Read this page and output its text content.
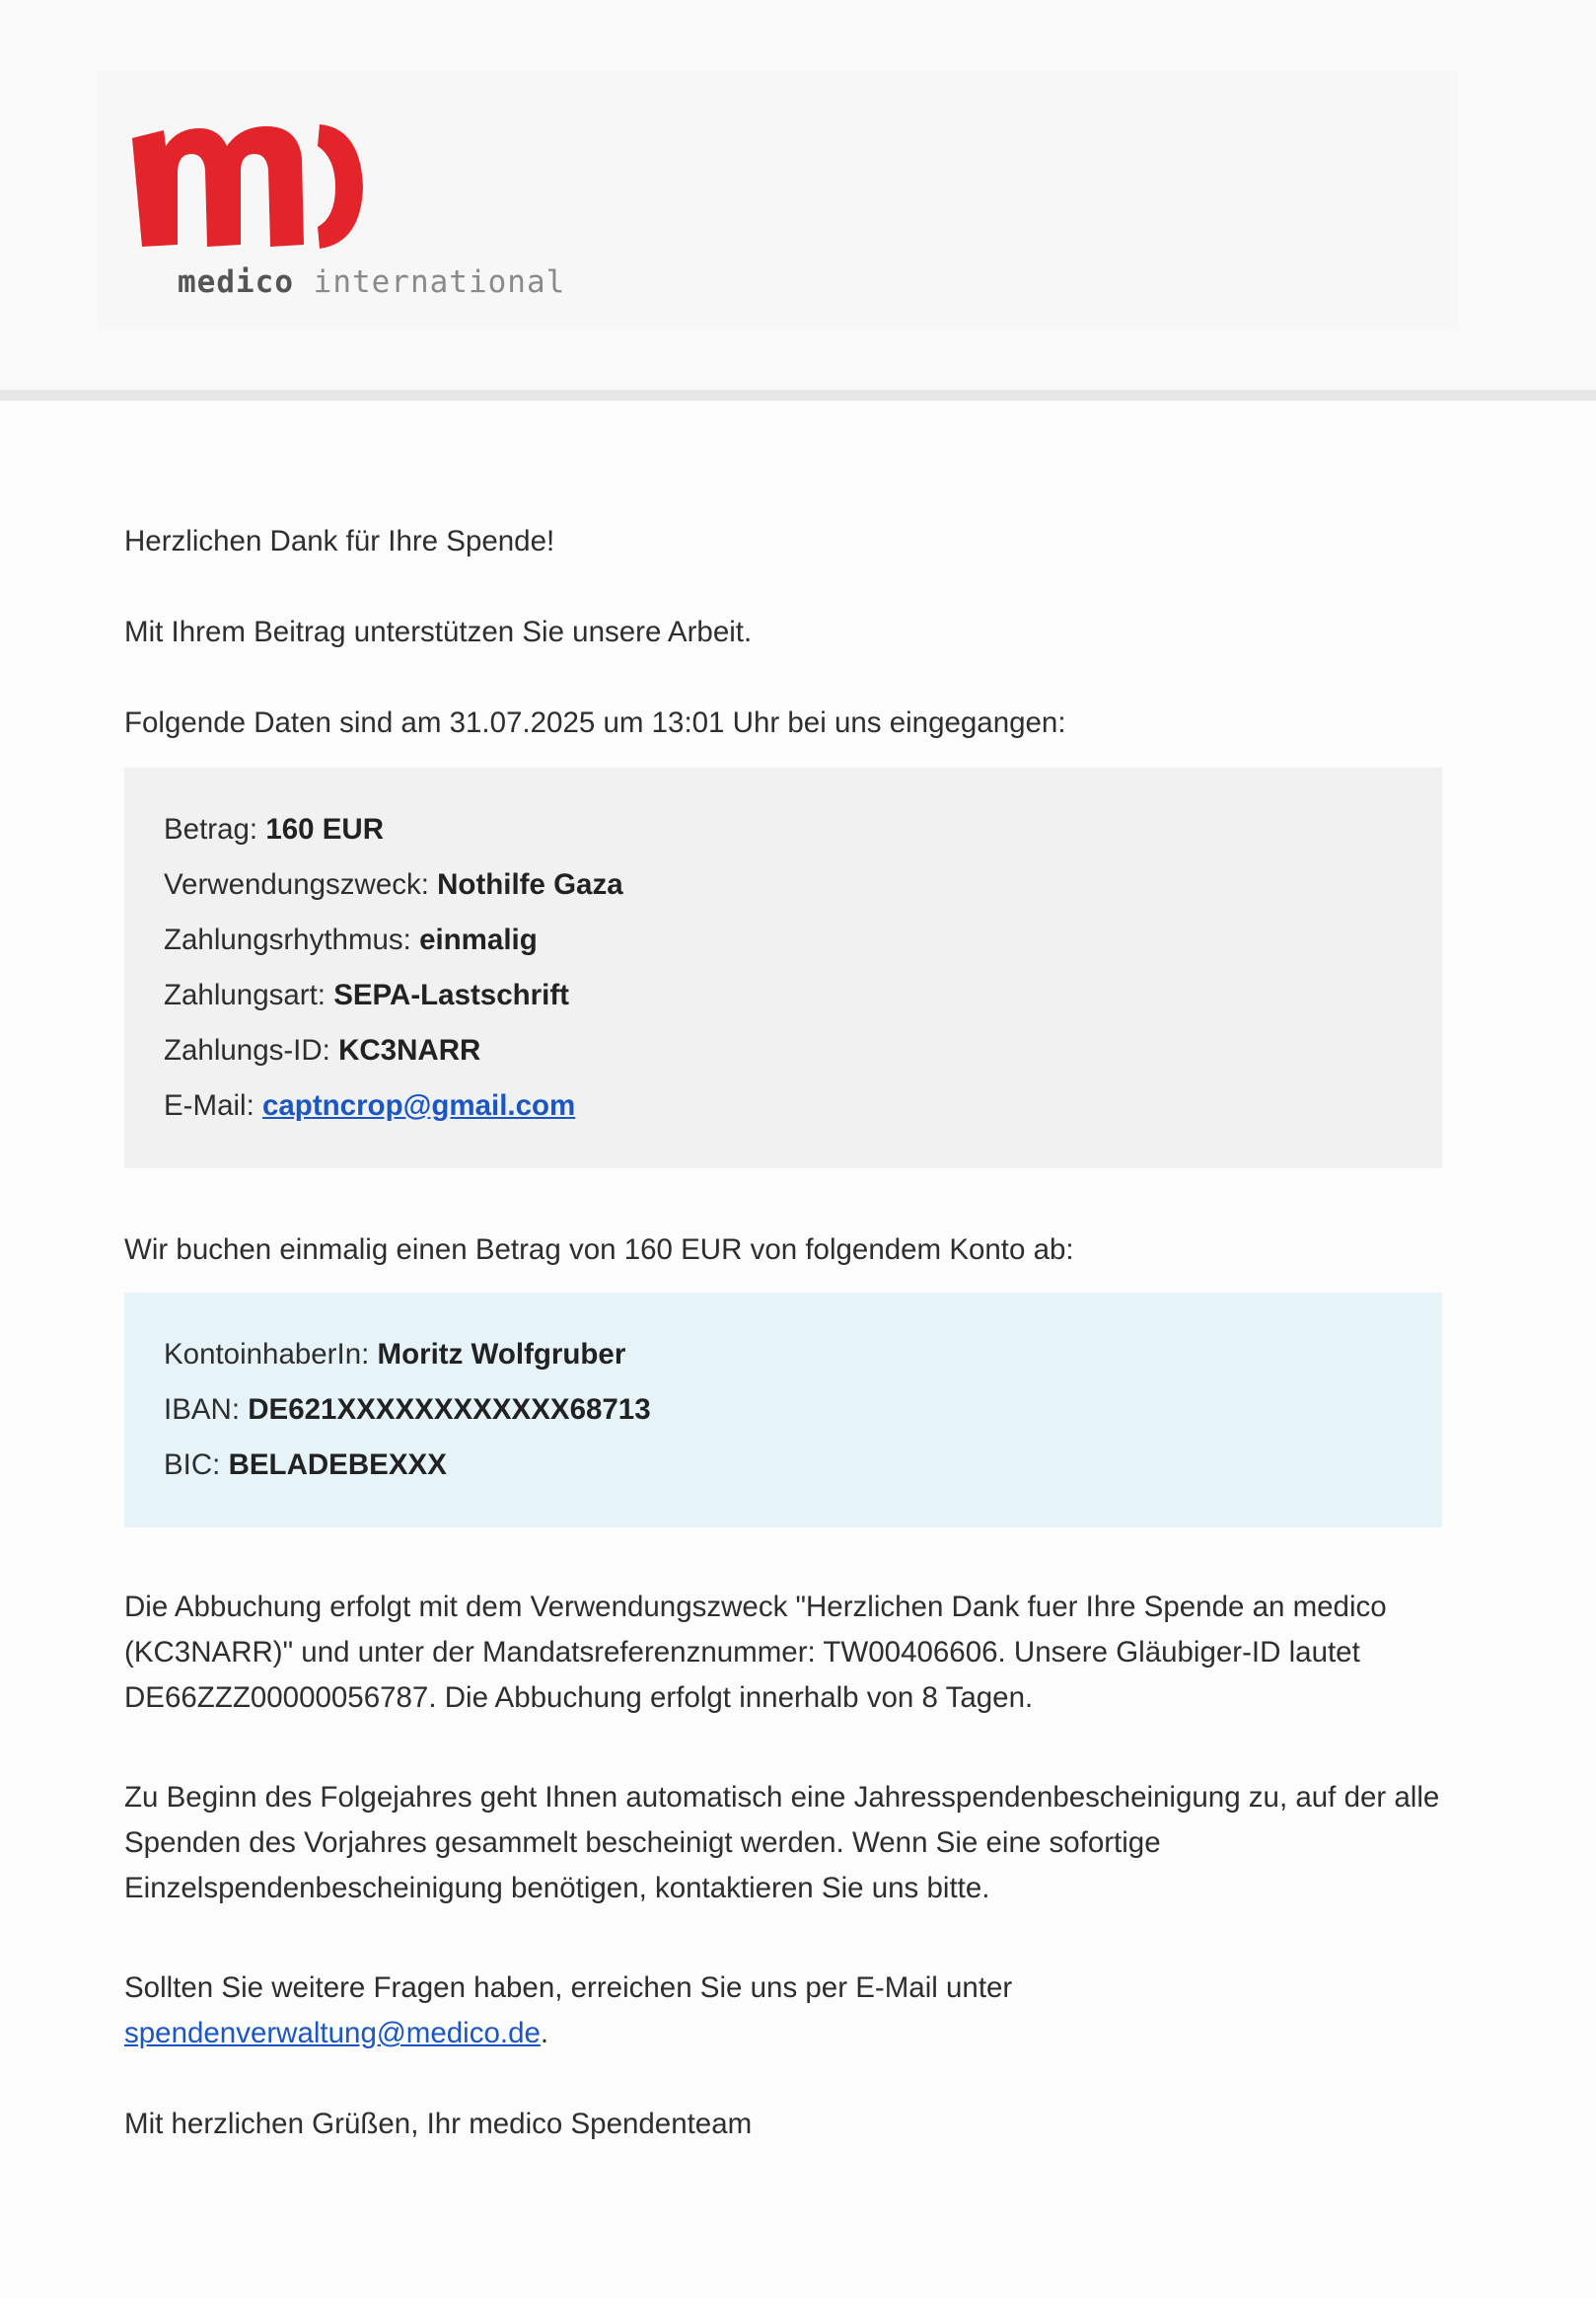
medico international

Herzlichen Dank für Ihre Spende!

Mit Ihrem Beitrag unterstützen Sie unsere Arbeit.

Folgende Daten sind am 31.07.2025 um 13:01 Uhr bei uns eingegangen:

Betrag: 160 EUR
Verwendungszweck: Nothilfe Gaza
Zahlungsrhythmus: einmalig
Zahlungsart: SEPA-Lastschrift
Zahlungs-ID: KC3NARR
E-Mail: captncrop@gmail.com

Wir buchen einmalig einen Betrag von 160 EUR von folgendem Konto ab:

KontoinhaberIn: Moritz Wolfgruber
IBAN: DE621XXXXXXXXXXXX68713
BIC: BELADEBEXXX

Die Abbuchung erfolgt mit dem Verwendungszweck "Herzlichen Dank fuer Ihre Spende an medico (KC3NARR)" und unter der Mandatsreferenznummer: TW00406606. Unsere Gläubiger-ID lautet DE66ZZZ00000056787. Die Abbuchung erfolgt innerhalb von 8 Tagen.

Zu Beginn des Folgejahres geht Ihnen automatisch eine Jahresspendenbescheinigung zu, auf der alle Spenden des Vorjahres gesammelt bescheinigt werden. Wenn Sie eine sofortige Einzelspendenbescheinigung benötigen, kontaktieren Sie uns bitte.

Sollten Sie weitere Fragen haben, erreichen Sie uns per E-Mail unter
spendenverwaltung@medico.de.

Mit herzlichen Grüßen, Ihr medico Spendenteam
